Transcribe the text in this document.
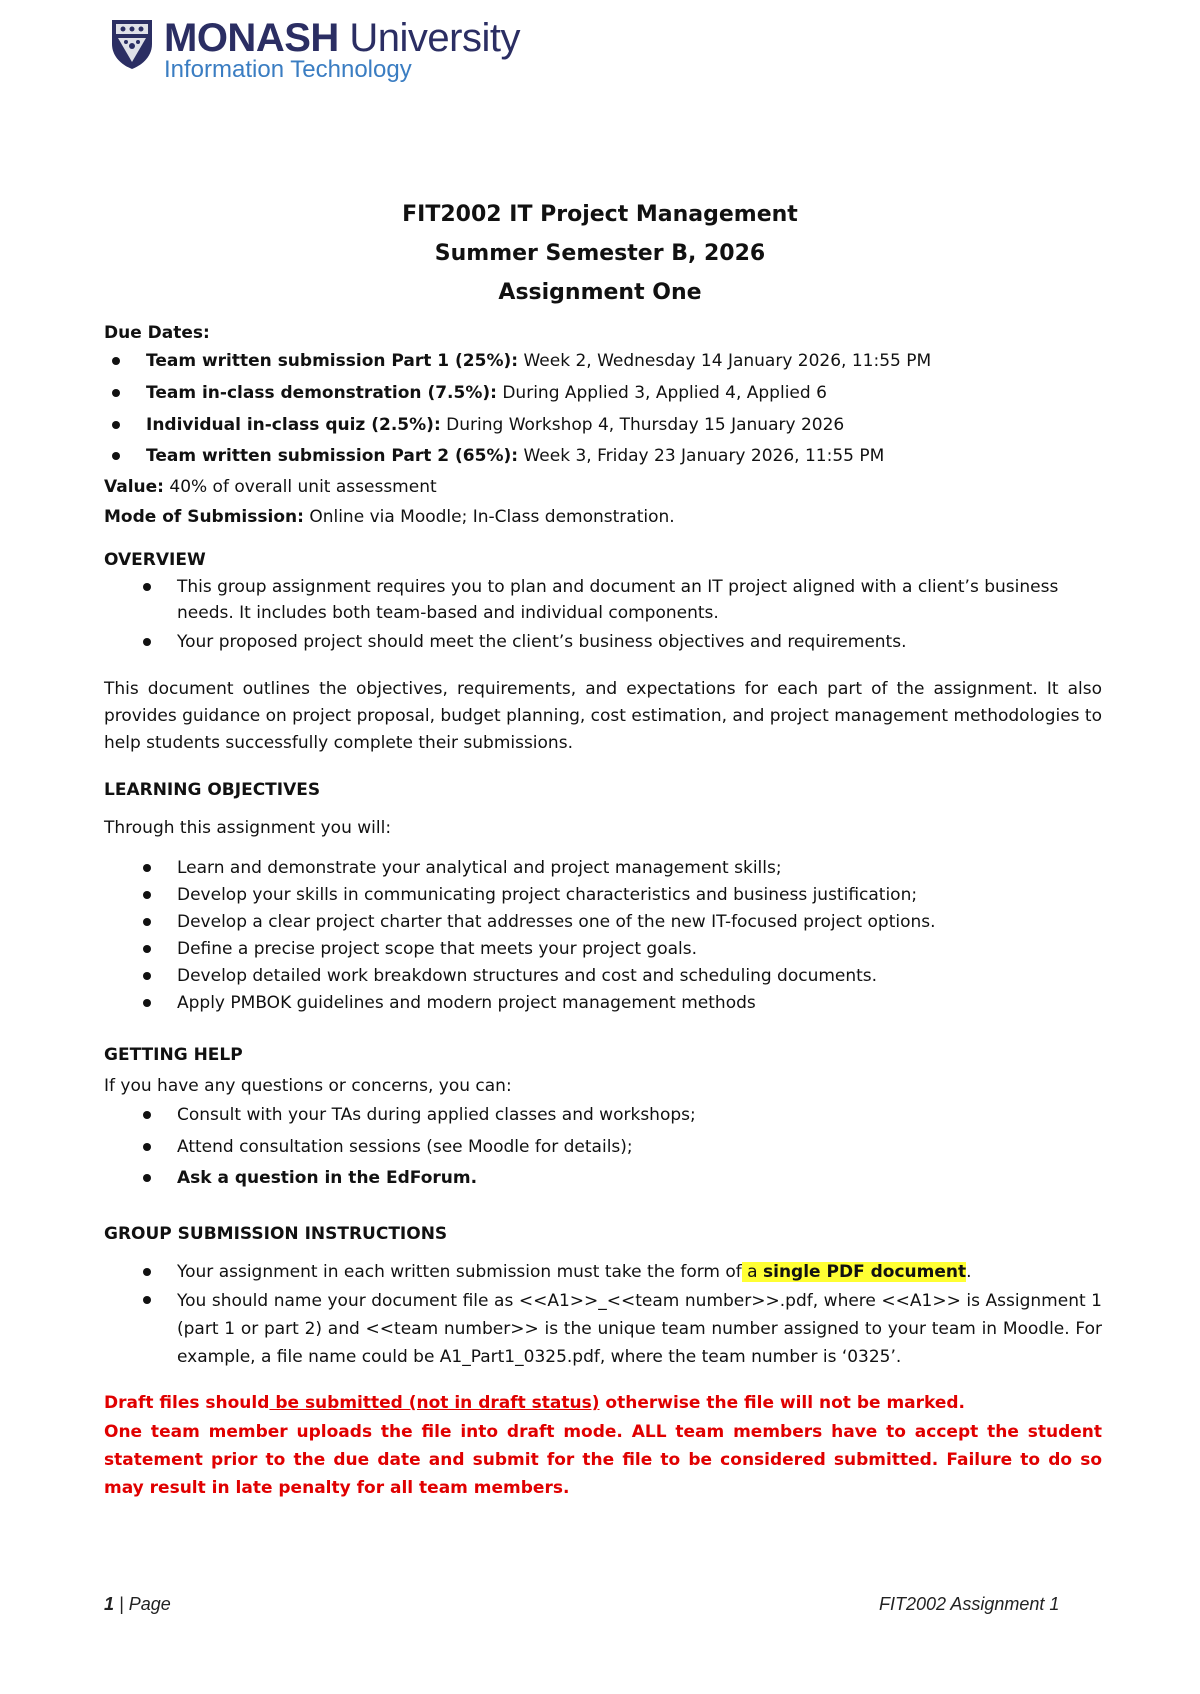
MONASH University
Information Technology
FIT2002 IT Project Management
Summer Semester B, 2026
Assignment One
Due Dates:
Team written submission Part 1 (25%): Week 2, Wednesday 14 January 2026, 11:55 PM
Team in-class demonstration (7.5%): During Applied 3, Applied 4, Applied 6
Individual in-class quiz (2.5%): During Workshop 4, Thursday 15 January 2026
Team written submission Part 2 (65%): Week 3, Friday 23 January 2026, 11:55 PM
Value: 40% of overall unit assessment
Mode of Submission: Online via Moodle; In-Class demonstration.
OVERVIEW
This group assignment requires you to plan and document an IT project aligned with a client’s business
needs. It includes both team-based and individual components.
Your proposed project should meet the client’s business objectives and requirements.
This document outlines the objectives, requirements, and expectations for each part of the assignment. It also provides guidance on project proposal, budget planning, cost estimation, and project management methodologies to help students successfully complete their submissions.
LEARNING OBJECTIVES
Through this assignment you will:
Learn and demonstrate your analytical and project management skills;
Develop your skills in communicating project characteristics and business justification;
Develop a clear project charter that addresses one of the new IT-focused project options.
Define a precise project scope that meets your project goals.
Develop detailed work breakdown structures and cost and scheduling documents.
Apply PMBOK guidelines and modern project management methods
GETTING HELP
If you have any questions or concerns, you can:
Consult with your TAs during applied classes and workshops;
Attend consultation sessions (see Moodle for details);
Ask a question in the EdForum.
GROUP SUBMISSION INSTRUCTIONS
Your assignment in each written submission must take the form of a single PDF document.
You should name your document file as <<A1>>_<<team number>>.pdf, where <<A1>> is Assignment 1 (part 1 or part 2) and <<team number>> is the unique team number assigned to your team in Moodle. For example, a file name could be A1_Part1_0325.pdf, where the team number is ‘0325’.
Draft files should be submitted (not in draft status) otherwise the file will not be marked.
One team member uploads the file into draft mode. ALL team members have to accept the student statement prior to the due date and submit for the file to be considered submitted. Failure to do so may result in late penalty for all team members.
1 | Page	FIT2002 Assignment 1
